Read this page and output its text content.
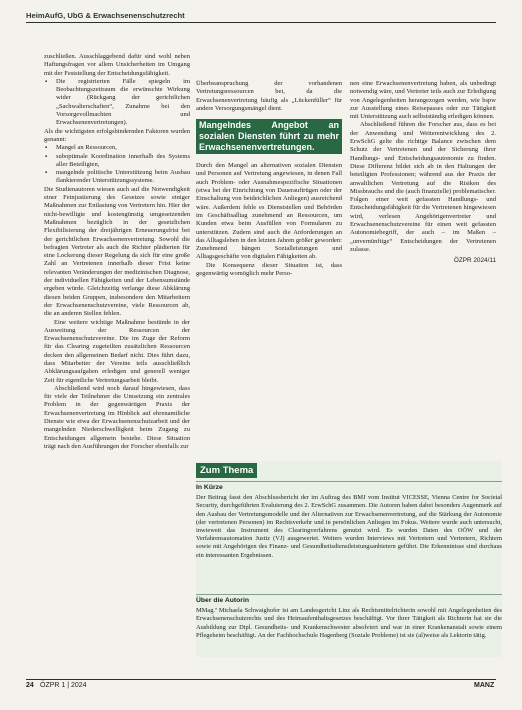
HeimAufG, UbG & Erwachsenenschutzrecht

zuschließen. Ausschlaggebend dafür sind wohl neben Haftungsfragen vor allem Unsicherheiten im Umgang mit der Feststellung der Entscheidungsfähigkeit.

▪ Die registrierten Fälle spiegeln im Beobachtungszeitraum die erwünschte Wirkung wider (Rückgang der gerichtlichen „Sachwalterschaften“, Zunahme bei den Vorsorgevollmachten und Erwachsenenvertretungen).

Als die wichtigsten erfolgsbindernden Faktoren wurden genannt:

▪ Mangel an Ressourcen,
▪ suboptimale Koordination innerhalb des Systems aller Beteiligten,
▪ mangelnde politische Unterstützung beim Ausbau flankierender Unterstützungssysteme.

Die Studienautoren wiesen auch auf die Notwendigkeit einer Feinjustierung des Gesetzes sowie einiger Maßnahmen zur Entlastung von Vertretern hin. Hier der nicht-bewilligte und kostengünstig umgesetzenden Maßnahmen bezüglich in der gesetzlichen Flexibilisierung der dreijährigen Erneuerungsfrist bei der gerichtlichen Erwachsenenvertretung. Sowohl die befragten Vertreter als auch die Richter plädierten für eine Lockerung dieser Regelung da sich für eine große Zahl an Vertretenen innerhalb dieser Frist keine relevanten Veränderungen der medizinischen Diagnose, der individuellen Fähigkeiten und der Lebensumstände ergeben würde. Gleichzeitig verlange diese Abklärung diesen beiden Gruppen, insbesondere den Mitarbeitern der Erwachsenenschutzvereine, viele Ressourcen ab, die an anderen Stellen fehlen.

Eine weitere wichtige Maßnahme bestünde in der Ausweitung der Ressourcen der Erwachsenenschutzvereine. Die im Zuge der Reform für das Clearing zugeteilten zusätzlichen Ressourcen decken den allgemeinen Bedarf nicht. Dies führt dazu, dass Mitarbeiter der Vereine teils ausschließlich Abklärungsaufgaben erledigen und generell weniger Zeit für eigentliche Vertretungsarbeit bleibt.

Abschließend wird noch darauf hingewiesen, dass für viele der Teilnehmer die Umsetzung ein zentrales Problem in der gegenwärtigen Praxis der Erwachsenenvertretung im Hinblick auf ehrenamtliche Dienste wie etwa der Erwachsenenschutzarbeit und der mangelnden Niederschwelligkeit beim Zugang zu Entscheidungen allgemein bestehe. Diese Situation trägt nach den Ausführungen der Forscher ebenfalls zur

Überbeanspruchung der vorhandenen Vertretungsressourcen bei, da die Erwachsenenvertretung häufig als „Lückenfüller“ für andere Versorgungsmängel dient.

Mangelndes Angebot an sozialen Diensten führt zu mehr Erwachsenenvertretungen.

Durch den Mangel an alternativen sozialen Diensten und Personen auf Vertretung angewiesen, in denen Fall auch Problem- oder Ausnahmespezifische Situationen (etwa bei der Einrichtung von Dauerauftrügen oder der Einschaltung von betdeichlichen Anliegen) ausreichend wäre. Außerdem fehle es Dienststellen und Behörden im Geschäftsalltag zunehmend an Ressourcen, um Kunden etwa beim Ausfüllen von Formularen zu unterstützen. Zudem sind auch die Anforderungen an das Alltagsleben in den letzten Jahren größer geworden: Zunehmend hängen Sozialleistungen und Alltagsgeschäfte von digitalen Fähigkeiten ab.

Die Konsequenz dieser Situation ist, dass gegenwärtig womöglich mehr Perso-

nen eine Erwachsenenvertretung haben, als unbedingt notwendig wäre, und Vertreter teils auch zur Erledigung von Angelegenheiten herangezogen werden, wie bspw zur Ausstellung eines Reisepasses oder zur Tätigkeit mit Unterstützung auch selbstständig erledigen können.

Abschließend führen die Forscher aus, dass es bei der Anwendung und Weiterentwicklung des 2. ErwSchG gelte die richtige Balance zwischen dem Schutz der Vertretenen und der Sicherung ihrer Handlungs- und Entscheidungsautonomie zu finden. Diese Differenz bildet sich ab in den Haltungen der beteiligten Professionen; während aus der Praxis der anwaltlichen Vertretung auf die Risiken des Missbrauchs und die (auch finanzielle) problematischer. Folgen einer weit gefassten Handlungs- und Entscheidungsfähigkeit für die Vertretenen hingewiesen wird, verlesen Angehörigenvertreter und Erwachsenenschutzvereine für einen weit gefassten Autonomiebegriff, der auch – im Maßen – „unvernünftige“ Entscheidungen der Vertretenen zulasse.

ÖZPR 2024/11
Zum Thema
In Kürze

Der Beitrag fasst den Abschlussbericht der im Auftrag des BMJ vom Institut VICESSE, Vienna Centre for Societal Security, durchgeführten Evaluierung des 2. ErwSchG zusammen. Die Autoren haben dabei besonders Augenmerk auf den Ausbau der Vertretungsmodelle und der Alternativen zur Erwachsenenvertretung, auf die Stärkung der Autonomie (der vertretenen Personen) im Rechtsverkehr und in persönlichen Anliegen im Fokus. Weitere wurde auch untersucht, inwieweit das Instrument des Clearingverfahrens genutzt wird. Es wurden Daten des OÖW und der Verfahrensautomation Justiz (VJ) ausgewertet. Weiters wurden Interviews mit Vertretern und Vertretern, Richtern sowie mit Angehörigen des Finanz- und Gesundheitsdienstleistungsanbietern geführt. Die Erkenntnisse sind durchaus ein interessanten Ergebnissen.

Über die Autorin

MMag.ª Michaela Schwaighofer ist am Landesgericht Linz als Rechtsmittelrichterin sowohl mit Angelegenheiten des Erwachsenenschutzrechts und des Heimaufenthaltsgesetzes beschäftigt. Vor ihrer Tätigkeit als Richterin hat sie die Ausbildung zur Dipl. Gesundheits- und Krankenschwester absolviert und war in einer Krankenanstalt sowie einem Pflegeheim beschäftigt. An der Fachhochschule Hagenberg (Soziale Probleme) ist sie (al)weise als Lektorin tätig.

24 ÖZPR 1 | 2024	MANZ
